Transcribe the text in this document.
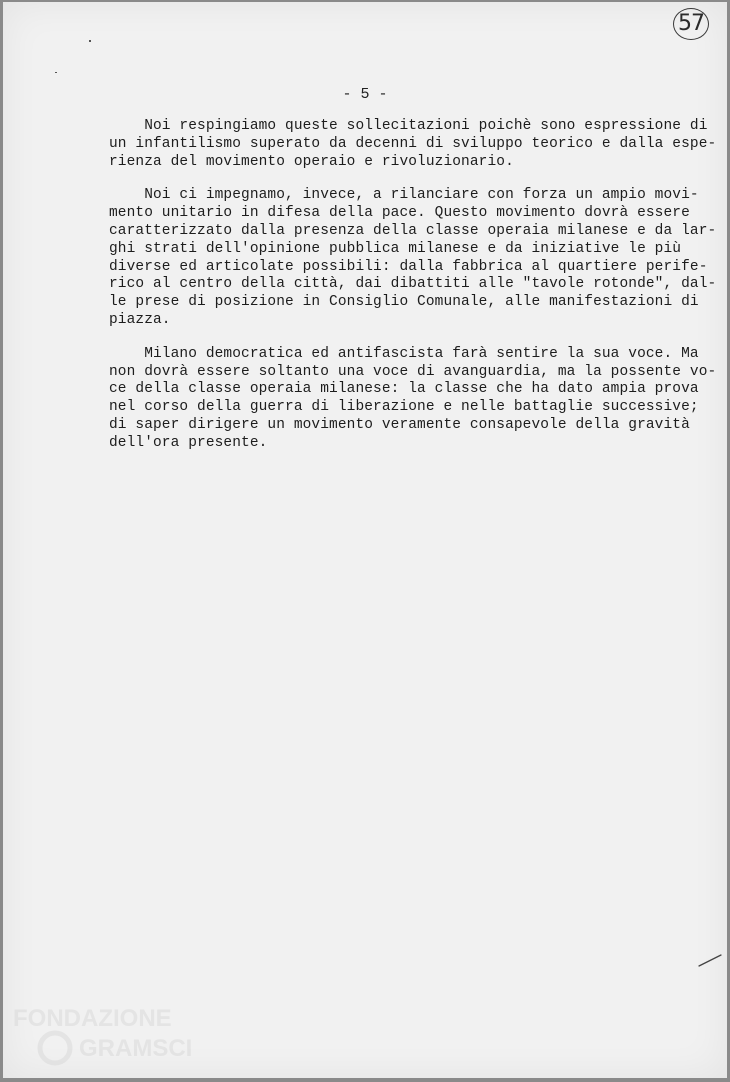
57
- 5 -

Noi respingiamo queste sollecitazioni poichè sono espressione di
un infantilismo superato da decenni di sviluppo teorico e dalla espe-
rienza del movimento operaio e rivoluzionario.

Noi ci impegnamo, invece, a rilanciare con forza un ampio movi-
mento unitario in difesa della pace. Questo movimento dovrà essere
caratterizzato dalla presenza della classe operaia milanese e da lar-
ghi strati dell'opinione pubblica milanese e da iniziative le più
diverse ed articolate possibili: dalla fabbrica al quartiere perife-
rico al centro della città, dai dibattiti alle "tavole rotonde", dal-
le prese di posizione in Consiglio Comunale, alle manifestazioni di
piazza.

Milano democratica ed antifascista farà sentire la sua voce. Ma
non dovrà essere soltanto una voce di avanguardia, ma la possente vo-
ce della classe operaia milanese: la classe che ha dato ampia prova
nel corso della guerra di liberazione e nelle battaglie successive;
di saper dirigere un movimento veramente consapevole della gravità
dell'ora presente.

FONDAZIONE
GRAMSCI
